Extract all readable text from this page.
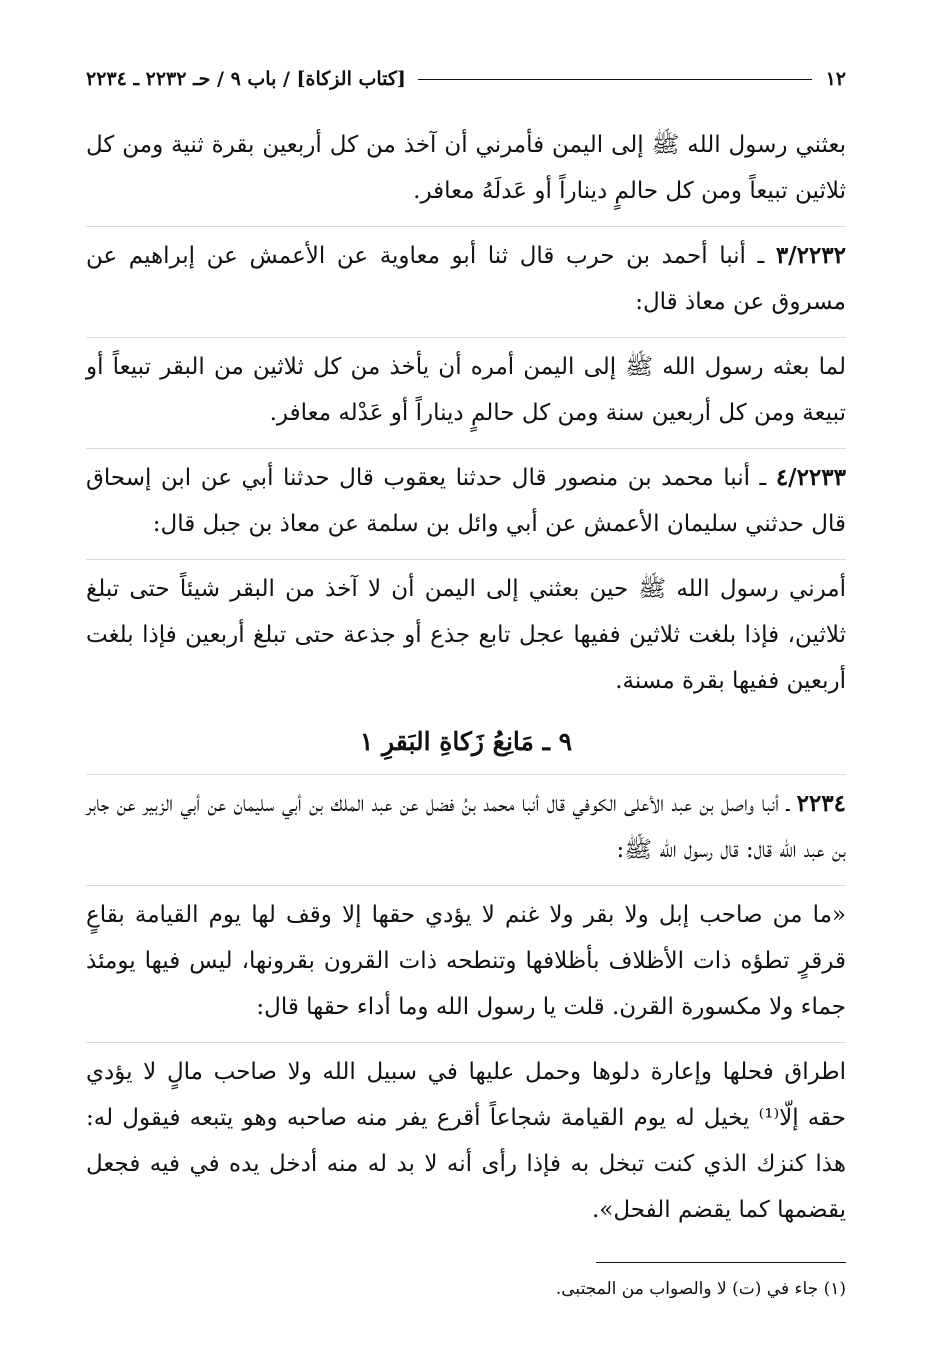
١٢
[كتاب الزكاة] / باب ٩ / حـ ٢٢٣٢ ـ ٢٢٣٤

بعثني رسول الله ﷺ إلى اليمن فأمرني أن آخذ من كل أربعين بقرة ثنية ومن كل ثلاثين تبيعاً ومن كل حالمٍ ديناراً أو عَدلَهُ معافر.

٣/٢٢٣٢ ـ أنبا أحمد بن حرب قال ثنا أبو معاوية عن الأعمش عن إبراهيم عن مسروق عن معاذ قال:

لما بعثه رسول الله ﷺ إلى اليمن أمره أن يأخذ من كل ثلاثين من البقر تبيعاً أو تبيعة ومن كل أربعين سنة ومن كل حالمٍ ديناراً أو عَدْله معافر.

٤/٢٢٣٣ ـ أنبا محمد بن منصور قال حدثنا يعقوب قال حدثنا أبي عن ابن إسحاق قال حدثني سليمان الأعمش عن أبي وائل بن سلمة عن معاذ بن جبل قال:

أمرني رسول الله ﷺ حين بعثني إلى اليمن أن لا آخذ من البقر شيئاً حتى تبلغ ثلاثين، فإذا بلغت ثلاثين ففيها عجل تابع جذع أو جذعة حتى تبلغ أربعين فإذا بلغت أربعين ففيها بقرة مسنة.

٩ ـ مَانِعُ زَكاةِ البَقرِ ١

٢٢٣٤ ـ أنبا واصل بن عبد الأعلى الكوفي قال أنبا محمد بنُ فضل عن عبد الملك بن أبي سليمان عن أبي الزبير عن جابر بن عبد الله قال: قال رسول الله ﷺ:

«ما من صاحب إبل ولا بقر ولا غنم لا يؤدي حقها إلا وقف لها يوم القيامة بقاعٍ قرقرٍ تطؤه ذات الأظلاف بأظلافها وتنطحه ذات القرون بقرونها، ليس فيها يومئذ جماء ولا مكسورة القرن. قلت يا رسول الله وما أداء حقها قال:

اطراق فحلها وإعارة دلوها وحمل عليها في سبيل الله ولا صاحب مالٍ لا يؤدي حقه إلّا⁽¹⁾ يخيل له يوم القيامة شجاعاً أقرع يفر منه صاحبه وهو يتبعه فيقول له: هذا كنزك الذي كنت تبخل به فإذا رأى أنه لا بد له منه أدخل يده في فيه فجعل يقضمها كما يقضم الفحل».

(١) جاء في (ت) لا والصواب من المجتبى.
